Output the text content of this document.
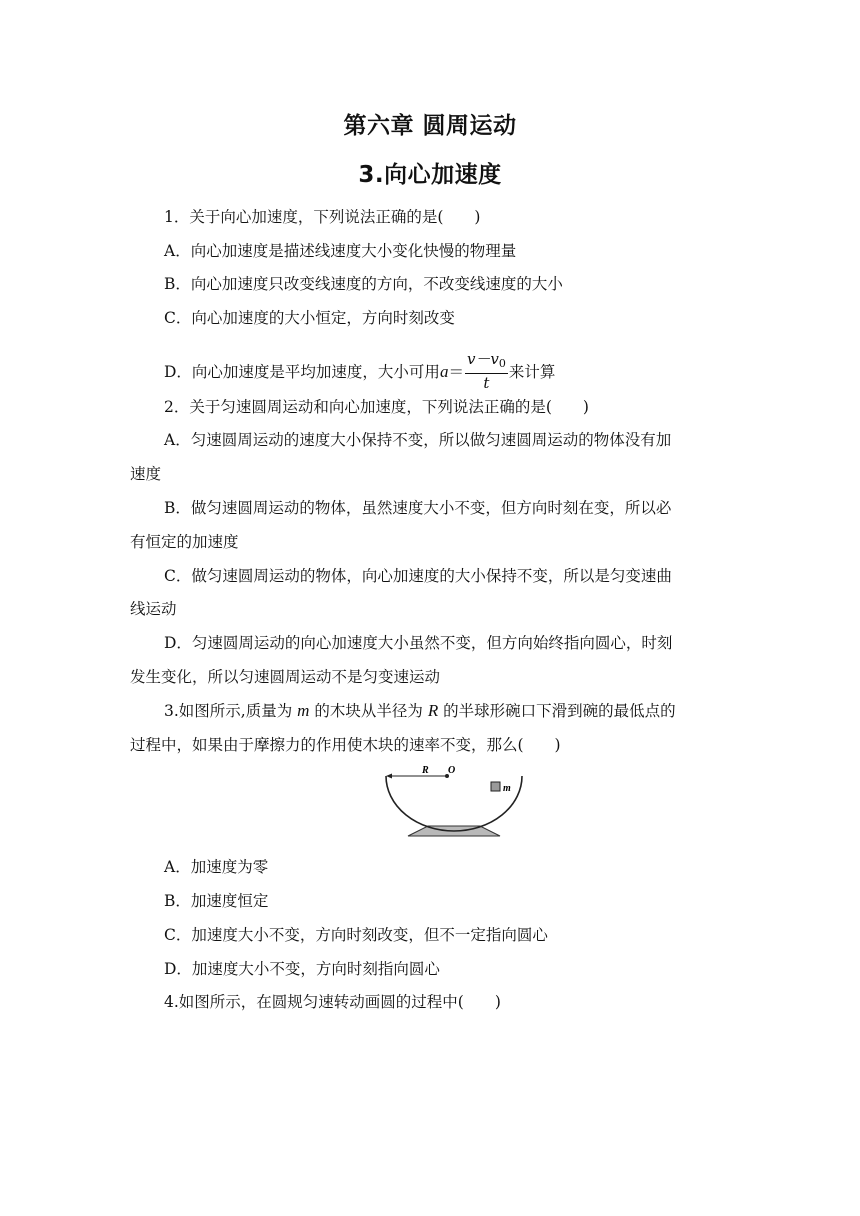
第六章 圆周运动
3.向心加速度
1．关于向心加速度，下列说法正确的是(　　)
A．向心加速度是描述线速度大小变化快慢的物理量
B．向心加速度只改变线速度的方向，不改变线速度的大小
C．向心加速度的大小恒定，方向时刻改变
D．向心加速度是平均加速度，大小可用$a= \frac{v-v_0}{t}$ 来计算
2．关于匀速圆周运动和向心加速度，下列说法正确的是(　　)
A．匀速圆周运动的速度大小保持不变，所以做匀速圆周运动的物体没有加
速度
B．做匀速圆周运动的物体，虽然速度大小不变，但方向时刻在变，所以必
有恒定的加速度
C．做匀速圆周运动的物体，向心加速度的大小保持不变，所以是匀变速曲
线运动
D．匀速圆周运动的向心加速度大小虽然不变，但方向始终指向圆心，时刻
发生变化，所以匀速圆周运动不是匀变速运动
3.如图所示,质量为 m 的木块从半径为 R 的半球形碗口下滑到碗的最低点的
过程中，如果由于摩擦力的作用使木块的速率不变，那么(　　)
R O
m
A．加速度为零
B．加速度恒定
C．加速度大小不变，方向时刻改变，但不一定指向圆心
D．加速度大小不变，方向时刻指向圆心
4.如图所示，在圆规匀速转动画圆的过程中(　　)
